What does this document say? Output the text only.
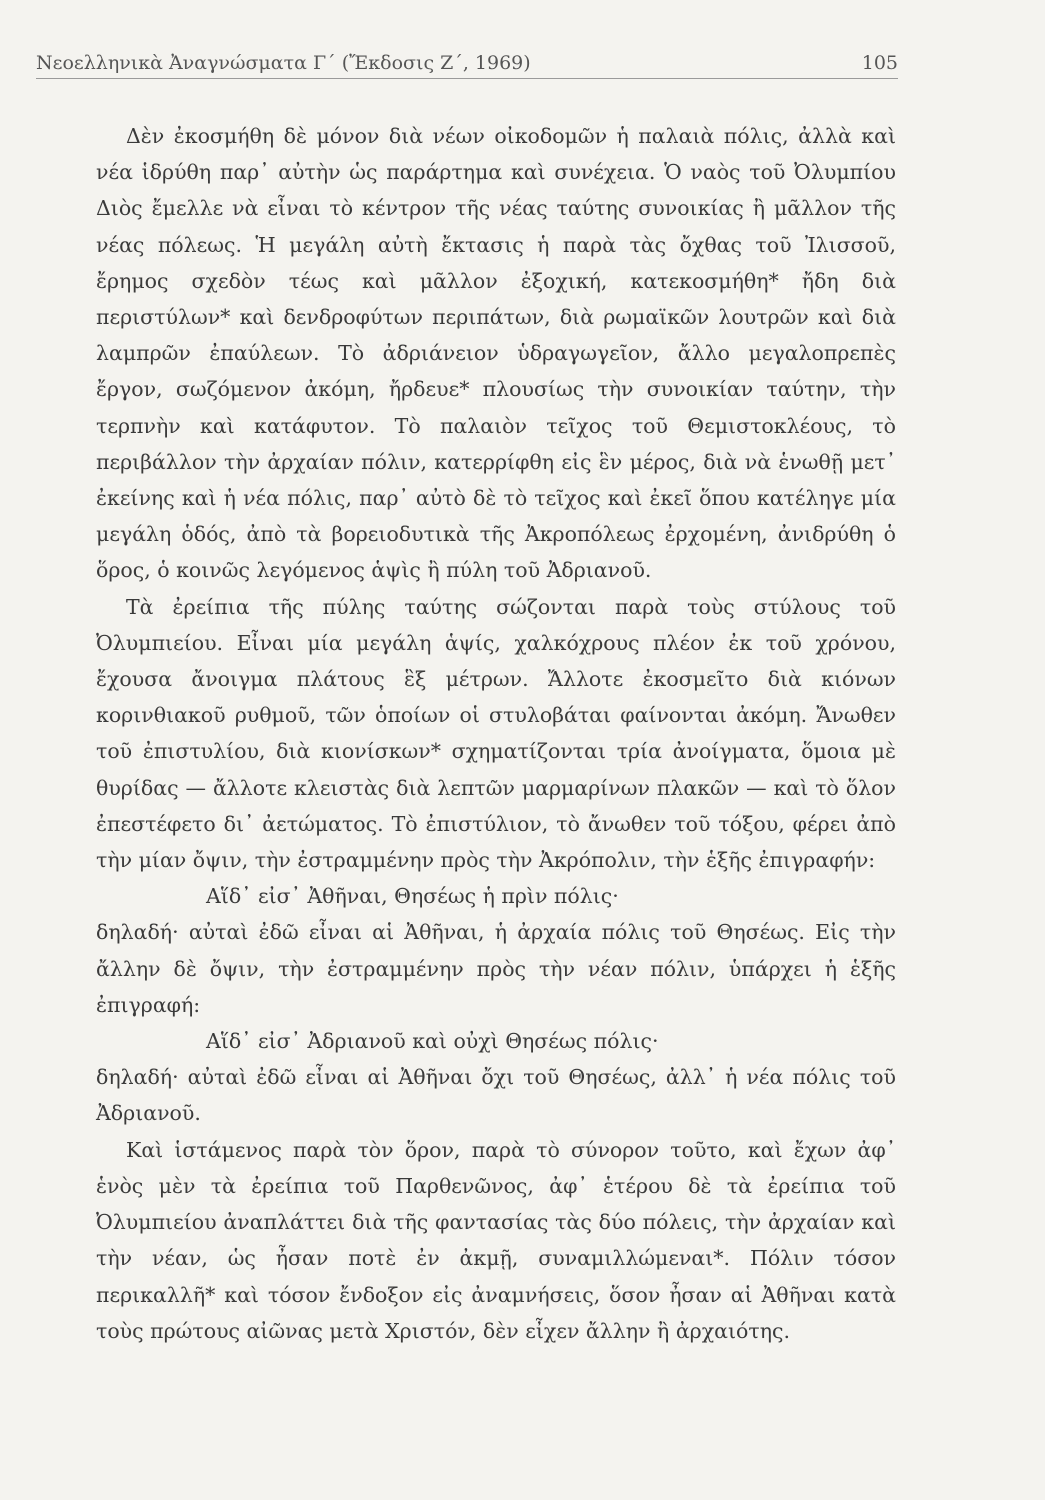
Νεοελληνικὰ Ἀναγνώσματα Γ΄ (Ἔκδοσις Ζ΄, 1969)	105

Δὲν ἐκοσμήθη δὲ μόνον διὰ νέων οἰκοδομῶν ἡ παλαιὰ πόλις, ἀλλὰ καὶ νέα ἱδρύθη παρ᾽ αὐτὴν ὡς παράρτημα καὶ συνέχεια. Ὁ ναὸς τοῦ Ὀλυμπίου Διὸς ἔμελλε νὰ εἶναι τὸ κέντρον τῆς νέας ταύτης συνοικίας ἢ μᾶλλον τῆς νέας πόλεως. Ἡ μεγάλη αὐτὴ ἔκτασις ἡ παρὰ τὰς ὄχθας τοῦ Ἰλισσοῦ, ἔρημος σχεδὸν τέως καὶ μᾶλλον ἐξοχική, κατεκοσμήθη* ἤδη διὰ περιστύλων* καὶ δενδροφύτων περιπάτων, διὰ ρωμαϊκῶν λουτρῶν καὶ διὰ λαμπρῶν ἐπαύλεων. Τὸ ἀδριάνειον ὑδραγωγεῖον, ἄλλο μεγαλοπρεπὲς ἔργον, σωζόμενον ἀκόμη, ἤρδευε* πλουσίως τὴν συνοικίαν ταύτην, τὴν τερπνὴν καὶ κατάφυτον. Τὸ παλαιὸν τεῖχος τοῦ Θεμιστοκλέους, τὸ περιβάλλον τὴν ἀρχαίαν πόλιν, κατερρίφθη εἰς ἓν μέρος, διὰ νὰ ἑνωθῇ μετ᾽ ἐκείνης καὶ ἡ νέα πόλις, παρ᾽ αὐτὸ δὲ τὸ τεῖχος καὶ ἐκεῖ ὅπου κατέληγε μία μεγάλη ὁδός, ἀπὸ τὰ βορειοδυτικὰ τῆς Ἀκροπόλεως ἐρχομένη, ἀνιδρύθη ὁ ὅρος, ὁ κοινῶς λεγόμενος ἁψὶς ἢ πύλη τοῦ Ἀδριανοῦ.

Τὰ ἐρείπια τῆς πύλης ταύτης σώζονται παρὰ τοὺς στύλους τοῦ Ὀλυμπιείου. Εἶναι μία μεγάλη ἁψίς, χαλκόχρους πλέον ἐκ τοῦ χρόνου, ἔχουσα ἄνοιγμα πλάτους ἓξ μέτρων. Ἄλλοτε ἐκοσμεῖτο διὰ κιόνων κορινθιακοῦ ρυθμοῦ, τῶν ὁποίων οἱ στυλοβάται φαίνονται ἀκόμη. Ἄνωθεν τοῦ ἐπιστυλίου, διὰ κιονίσκων* σχηματίζονται τρία ἀνοίγματα, ὅμοια μὲ θυρίδας — ἄλλοτε κλειστὰς διὰ λεπτῶν μαρμαρίνων πλακῶν — καὶ τὸ ὅλον ἐπεστέφετο δι᾽ ἀετώματος. Τὸ ἐπιστύλιον, τὸ ἄνωθεν τοῦ τόξου, φέρει ἀπὸ τὴν μίαν ὄψιν, τὴν ἐστραμμένην πρὸς τὴν Ἀκρόπολιν, τὴν ἑξῆς ἐπιγραφήν:

Αἵδ᾽ εἰσ᾽ Ἀθῆναι, Θησέως ἡ πρὶν πόλις·

δηλαδή· αὐταὶ ἐδῶ εἶναι αἱ Ἀθῆναι, ἡ ἀρχαία πόλις τοῦ Θησέως. Εἰς τὴν ἄλλην δὲ ὄψιν, τὴν ἐστραμμένην πρὸς τὴν νέαν πόλιν, ὑπάρχει ἡ ἑξῆς ἐπιγραφή:

Αἵδ᾽ εἰσ᾽ Ἀδριανοῦ καὶ οὐχὶ Θησέως πόλις·

δηλαδή· αὐταὶ ἐδῶ εἶναι αἱ Ἀθῆναι ὄχι τοῦ Θησέως, ἀλλ᾽ ἡ νέα πόλις τοῦ Ἀδριανοῦ.

Καὶ ἱστάμενος παρὰ τὸν ὅρον, παρὰ τὸ σύνορον τοῦτο, καὶ ἔχων ἀφ᾽ ἑνὸς μὲν τὰ ἐρείπια τοῦ Παρθενῶνος, ἀφ᾽ ἑτέρου δὲ τὰ ἐρείπια τοῦ Ὀλυμπιείου ἀναπλάττει διὰ τῆς φαντασίας τὰς δύο πόλεις, τὴν ἀρχαίαν καὶ τὴν νέαν, ὡς ἦσαν ποτὲ ἐν ἀκμῇ, συναμιλλώμεναι*. Πόλιν τόσον περικαλλῆ* καὶ τόσον ἔνδοξον εἰς ἀναμνήσεις, ὅσον ἦσαν αἱ Ἀθῆναι κατὰ τοὺς πρώτους αἰῶνας μετὰ Χριστόν, δὲν εἶχεν ἄλλην ἢ ἀρχαιότης.
